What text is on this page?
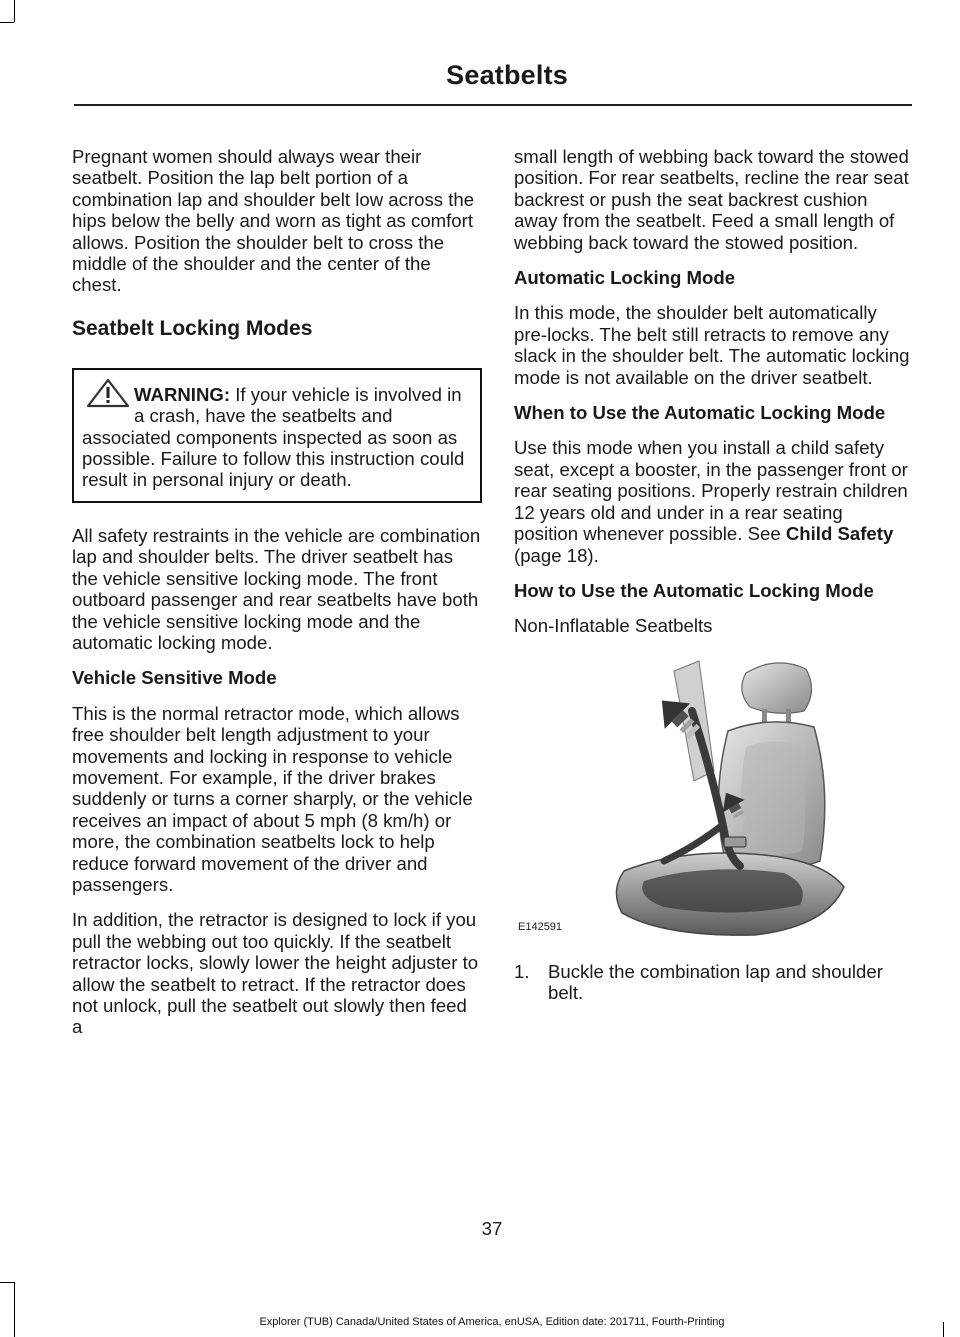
Seatbelts

Pregnant women should always wear their seatbelt. Position the lap belt portion of a combination lap and shoulder belt low across the hips below the belly and worn as tight as comfort allows. Position the shoulder belt to cross the middle of the shoulder and the center of the chest.

Seatbelt Locking Modes
WARNING: If your vehicle is involved in a crash, have the seatbelts and associated components inspected as soon as possible. Failure to follow this instruction could result in personal injury or death.

All safety restraints in the vehicle are combination lap and shoulder belts. The driver seatbelt has the vehicle sensitive locking mode. The front outboard passenger and rear seatbelts have both the vehicle sensitive locking mode and the automatic locking mode.

Vehicle Sensitive Mode

This is the normal retractor mode, which allows free shoulder belt length adjustment to your movements and locking in response to vehicle movement. For example, if the driver brakes suddenly or turns a corner sharply, or the vehicle receives an impact of about 5 mph (8 km/h) or more, the combination seatbelts lock to help reduce forward movement of the driver and passengers.

In addition, the retractor is designed to lock if you pull the webbing out too quickly. If the seatbelt retractor locks, slowly lower the height adjuster to allow the seatbelt to retract. If the retractor does not unlock, pull the seatbelt out slowly then feed a

small length of webbing back toward the stowed position. For rear seatbelts, recline the rear seat backrest or push the seat backrest cushion away from the seatbelt. Feed a small length of webbing back toward the stowed position.

Automatic Locking Mode

In this mode, the shoulder belt automatically pre-locks. The belt still retracts to remove any slack in the shoulder belt. The automatic locking mode is not available on the driver seatbelt.

When to Use the Automatic Locking Mode

Use this mode when you install a child safety seat, except a booster, in the passenger front or rear seating positions. Properly restrain children 12 years old and under in a rear seating position whenever possible. See Child Safety (page 18).

How to Use the Automatic Locking Mode

Non-Inflatable Seatbelts

E142591
1. Buckle the combination lap and shoulder belt.
37
Explorer (TUB) Canada/United States of America, enUSA, Edition date: 201711, Fourth-Printing
